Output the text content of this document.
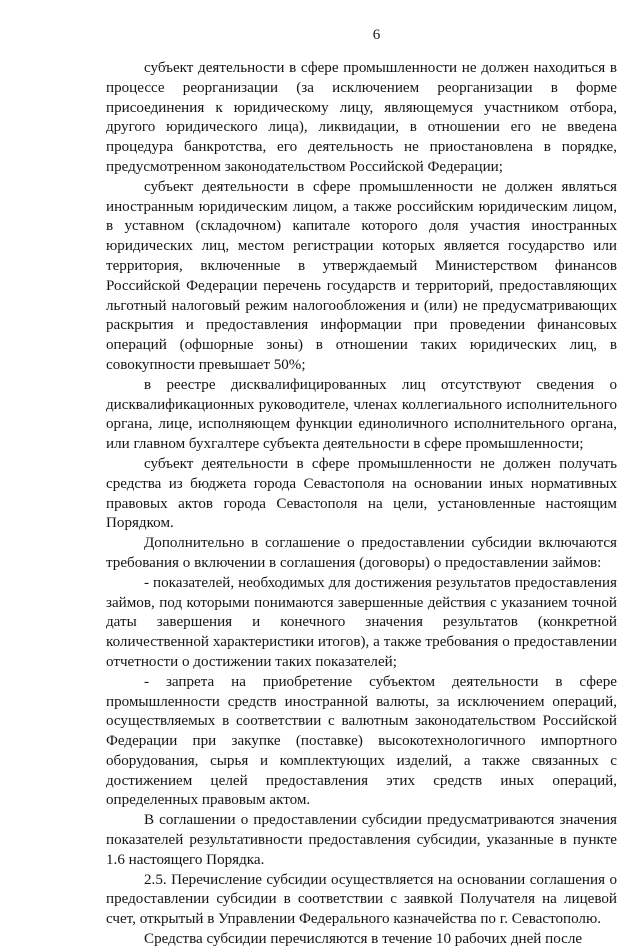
6

субъект деятельности в сфере промышленности не должен находиться в процессе реорганизации (за исключением реорганизации в форме присоединения к юридическому лицу, являющемуся участником отбора, другого юридического лица), ликвидации, в отношении его не введена процедура банкротства, его деятельность не приостановлена в порядке, предусмотренном законодательством Российской Федерации;

субъект деятельности в сфере промышленности не должен являться иностранным юридическим лицом, а также российским юридическим лицом, в уставном (складочном) капитале которого доля участия иностранных юридических лиц, местом регистрации которых является государство или территория, включенные в утверждаемый Министерством финансов Российской Федерации перечень государств и территорий, предоставляющих льготный налоговый режим налогообложения и (или) не предусматривающих раскрытия и предоставления информации при проведении финансовых операций (офшорные зоны) в отношении таких юридических лиц, в совокупности превышает 50%;

в реестре дисквалифицированных лиц отсутствуют сведения о дисквалификационных руководителе, членах коллегиального исполнительного органа, лице, исполняющем функции единоличного исполнительного органа, или главном бухгалтере субъекта деятельности в сфере промышленности;

субъект деятельности в сфере промышленности не должен получать средства из бюджета города Севастополя на основании иных нормативных правовых актов города Севастополя на цели, установленные настоящим Порядком.

Дополнительно в соглашение о предоставлении субсидии включаются требования о включении в соглашения (договоры) о предоставлении займов:

- показателей, необходимых для достижения результатов предоставления займов, под которыми понимаются завершенные действия с указанием точной даты завершения и конечного значения результатов (конкретной количественной характеристики итогов), а также требования о предоставлении отчетности о достижении таких показателей;

- запрета на приобретение субъектом деятельности в сфере промышленности средств иностранной валюты, за исключением операций, осуществляемых в соответствии с валютным законодательством Российской Федерации при закупке (поставке) высокотехнологичного импортного оборудования, сырья и комплектующих изделий, а также связанных с достижением целей предоставления этих средств иных операций, определенных правовым актом.

В соглашении о предоставлении субсидии предусматриваются значения показателей результативности предоставления субсидии, указанные в пункте 1.6 настоящего Порядка.

2.5. Перечисление субсидии осуществляется на основании соглашения о предоставлении субсидии в соответствии с заявкой Получателя на лицевой счет, открытый в Управлении Федерального казначейства по г. Севастополю.

Средства субсидии перечисляются в течение 10 рабочих дней после
